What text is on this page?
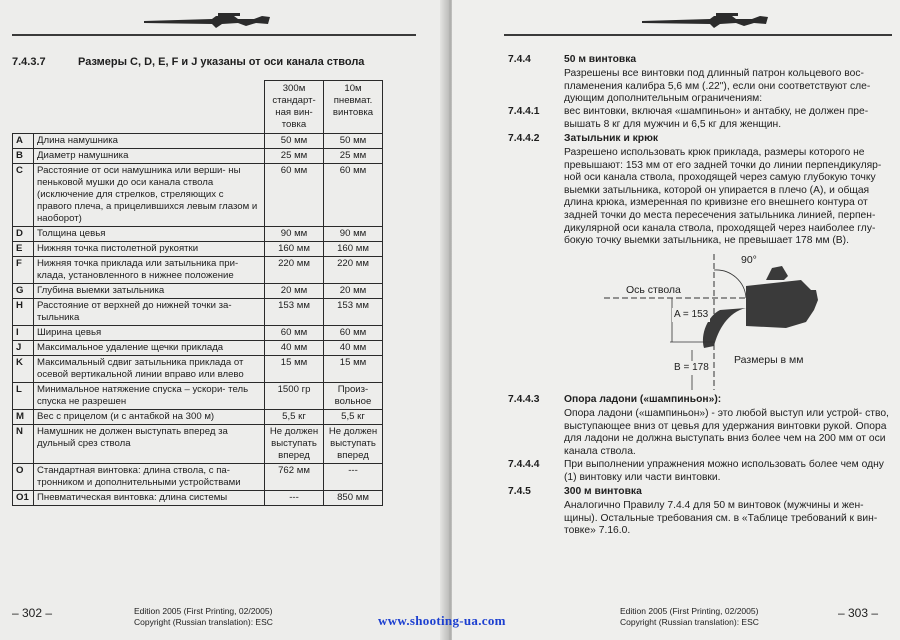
7.4.3.7	Размеры C, D, E, F и J указаны от оси канала ствола
		300м стандарт- ная вин- товка	10м пневмат. винтовка
A	Длина намушника	50 мм	50 мм
B	Диаметр намушника	25 мм	25 мм
C	Расстояние от оси намушника или верши- ны пеньковой мушки до оси канала ствола (исключение для стрелков, стреляющих с правого плеча, а прицелившихся левым глазом и наоборот)	60 мм	60 мм
D	Толщина цевья	90 мм	90 мм
E	Нижняя точка пистолетной рукоятки	160 мм	160 мм
F	Нижняя точка приклада или затыльника при- клада, установленного в нижнее положение	220 мм	220 мм
G	Глубина выемки затыльника	20 мм	20 мм
H	Расстояние от верхней до нижней точки за- тыльника	153 мм	153 мм
I	Ширина цевья	60 мм	60 мм
J	Максимальное удаление щечки приклада	40 мм	40 мм
K	Максимальный сдвиг затыльника приклада от осевой вертикальной линии вправо или влево	15 мм	15 мм
L	Минимальное натяжение спуска – ускори- тель спуска не разрешен	1500 гр	Произ- вольное
M	Вес с прицелом (и с антабкой на 300 м)	5,5 кг	5,5 кг
N	Намушник не должен выступать вперед за дульный срез ствола	Не должен выступать вперед	Не должен выступать вперед
O	Стандартная винтовка: длина ствола, с па- тронником и дополнительными устройствами	762 мм	---
O1	Пневматическая винтовка: длина системы	---	850 мм
– 302 –	Edition 2005 (First Printing, 02/2005)
Copyright (Russian translation): ESC
7.4.4	50 м винтовка
Разрешены все винтовки под длинный патрон кольцевого вос- пламенения калибра 5,6 мм (.22"), если они соответствуют сле- дующим дополнительным ограничениям:
7.4.4.1 вес винтовки, включая «шампиньон» и антабку, не должен пре- вышать 8 кг для мужчин и 6,5 кг для женщин.
7.4.4.2 Затыльник и крюк
Разрешено использовать крюк приклада, размеры которого не превышают: 153 мм от его задней точки до линии перпендикуляр- ной оси канала ствола, проходящей через самую глубокую точку выемки затыльника, которой он упирается в плечо (А), и общая длина крюка, измеренная по кривизне его внешнего контура от задней точки до места пересечения затыльника линией, перпен- дикулярной оси канала ствола, проходящей через наиболее глу- бокую точку выемки затыльника, не превышает 178 мм (В).
90°
Ось ствола
A = 153
B = 178
Размеры в мм
7.4.4.3 Опора ладони («шампиньон»):
Опора ладони («шампиньон») - это любой выступ или устрой- ство, выступающее вниз от цевья для удержания винтовки рукой. Опора для ладони не должна выступать вниз более чем на 200 мм от оси канала ствола.
7.4.4.4 При выполнении упражнения можно использовать более чем одну (1) винтовку или части винтовки.
7.4.5	300 м винтовка
Аналогично Правилу 7.4.4 для 50 м винтовок (мужчины и жен- щины). Остальные требования см. в «Таблице требований к вин- товке» 7.16.0.
Edition 2005 (First Printing, 02/2005)
Copyright (Russian translation): ESC
– 303 –
www.shooting-ua.com
